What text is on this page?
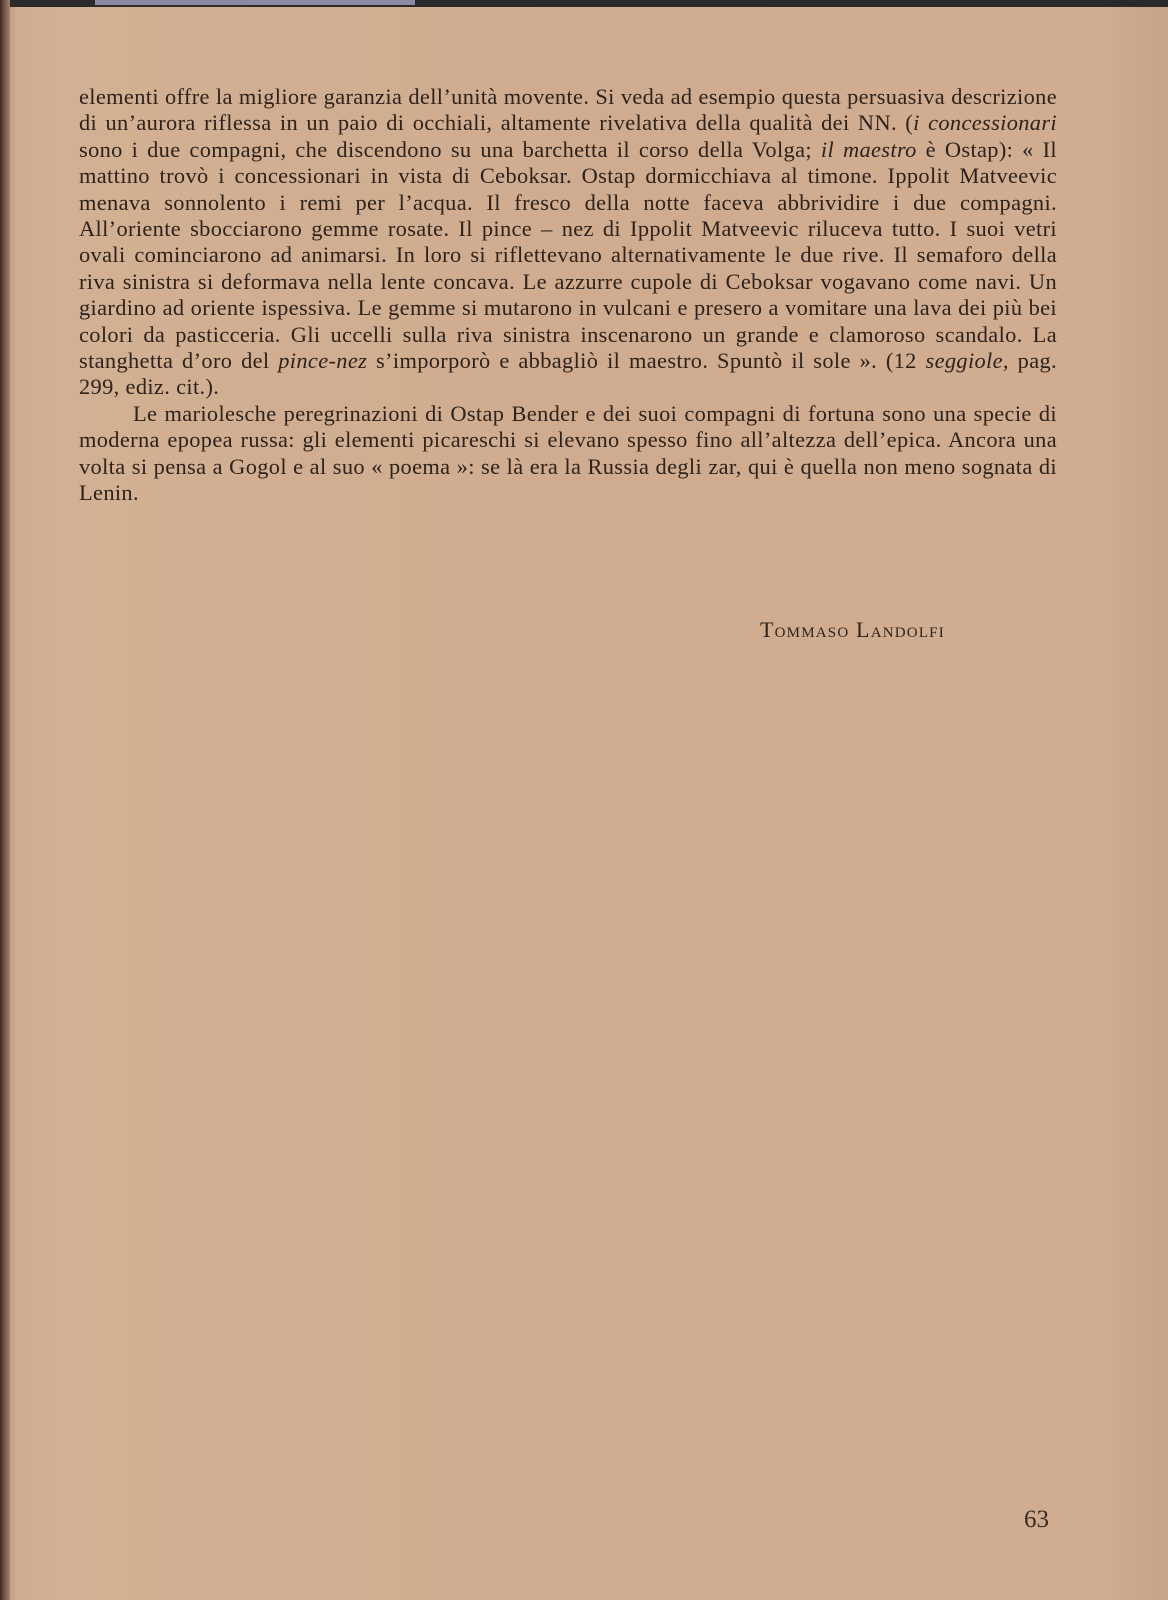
elementi offre la migliore garanzia dell’unità movente. Si veda ad esempio questa persuasiva descrizione di un’aurora riflessa in un paio di occhiali, altamente rivelativa della qualità dei NN. (i concessionari sono i due compagni, che discendono su una barchetta il corso della Volga; il maestro è Ostap): « Il mattino trovò i concessionari in vista di Ceboksar. Ostap dormicchiava al timone. Ippolit Matveevic menava sonnolento i remi per l’acqua. Il fresco della notte faceva abbrividire i due compagni. All’oriente sbocciarono gemme rosate. Il pince – nez di Ippolit Matveevic riluceva tutto. I suoi vetri ovali cominciarono ad animarsi. In loro si riflettevano alternativamente le due rive. Il semaforo della riva sinistra si deformava nella lente concava. Le azzurre cupole di Ceboksar vogavano come navi. Un giardino ad oriente ispessiva. Le gemme si mutarono in vulcani e presero a vomitare una lava dei più bei colori da pasticceria. Gli uccelli sulla riva sinistra inscenarono un grande e clamoroso scandalo. La stanghetta d’oro del pince-nez s’imporporò e abbagliò il maestro. Spuntò il sole ». (12 seggiole, pag. 299, ediz. cit.).

Le mariolesche peregrinazioni di Ostap Bender e dei suoi compagni di fortuna sono una specie di moderna epopea russa: gli elementi picareschi si elevano spesso fino all’altezza dell’epica. Ancora una volta si pensa a Gogol e al suo « poema »: se là era la Russia degli zar, qui è quella non meno sognata di Lenin.

Tommaso Landolfi
63
